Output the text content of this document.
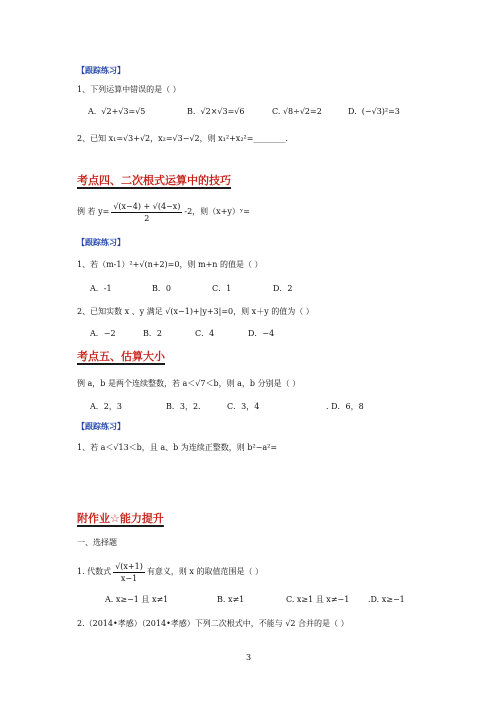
【跟踪练习】
1、下列运算中错误的是（ ）
A. √2+√3=√5	B. √2×√3=√6	C. √8÷√2=2	D. (−√3)²=3
2、已知 x₁=√3+√2，x₂=√3−√2，则 x₁²+x₂²=________.
考点四、二次根式运算中的技巧
例 若 $y= \frac{√(x-4) + √(4-x)}{2} -2$，则（x+y）ʸ=
【跟踪练习】
1、若（m-1）²+√(n+2)=0，则 m+n 的值是（ ）
A．-1	B．0	C．1	D．2
2、已知实数 x 、y 满足 √(x−1)+|y+3|=0，则 x＋y 的值为（ ）
A．−2	B．2	C．4	D．−4
考点五、估算大小
例 a，b 是两个连续整数，若 a＜√7＜b，则 a，b 分别是（ ）
A．2，3	B．3，2.	C．3，4	. D．6，8
【跟踪练习】
1、若 a＜√13＜b，且 a、b 为连续正整数，则 b²−a²=
附作业☆能力提升
一、选择题
1. 代数式 $\frac{√(x+1)}{x-1}$ 有意义，则 x 的取值范围是（ ）
A. x≥−1 且 x≠1	B. x≠1	C. x≥1 且 x≠−1 .D. x≥−1
2.（2014•孝感）（2014•孝感）下列二次根式中，不能与 √2 合并的是（ ）
3
